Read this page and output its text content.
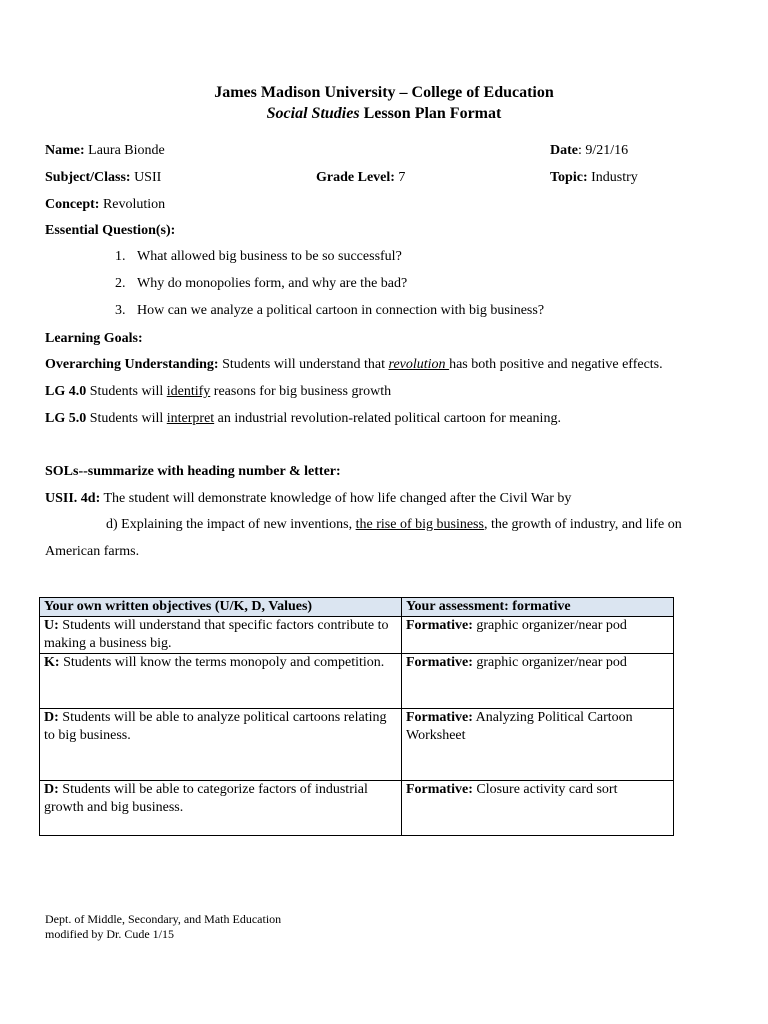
James Madison University – College of Education
Social Studies Lesson Plan Format
Name: Laura Bionde	Date: 9/21/16
Subject/Class: USII	Grade Level: 7	Topic: Industry
Concept: Revolution
Essential Question(s):
1. What allowed big business to be so successful?
2. Why do monopolies form, and why are the bad?
3. How can we analyze a political cartoon in connection with big business?
Learning Goals:
Overarching Understanding: Students will understand that revolution has both positive and negative effects.
LG 4.0 Students will identify reasons for big business growth
LG 5.0 Students will interpret an industrial revolution-related political cartoon for meaning.
SOLs--summarize with heading number & letter:
USII. 4d: The student will demonstrate knowledge of how life changed after the Civil War by
d) Explaining the impact of new inventions, the rise of big business, the growth of industry, and life on
American farms.
Your own written objectives (U/K, D, Values)	Your assessment: formative
U: Students will understand that specific factors contribute to making a business big.	Formative: graphic organizer/near pod
K: Students will know the terms monopoly and competition.	Formative: graphic organizer/near pod
D: Students will be able to analyze political cartoons relating to big business.	Formative: Analyzing Political Cartoon Worksheet
D: Students will be able to categorize factors of industrial growth and big business.	Formative: Closure activity card sort
Dept. of Middle, Secondary, and Math Education
modified by Dr. Cude 1/15
